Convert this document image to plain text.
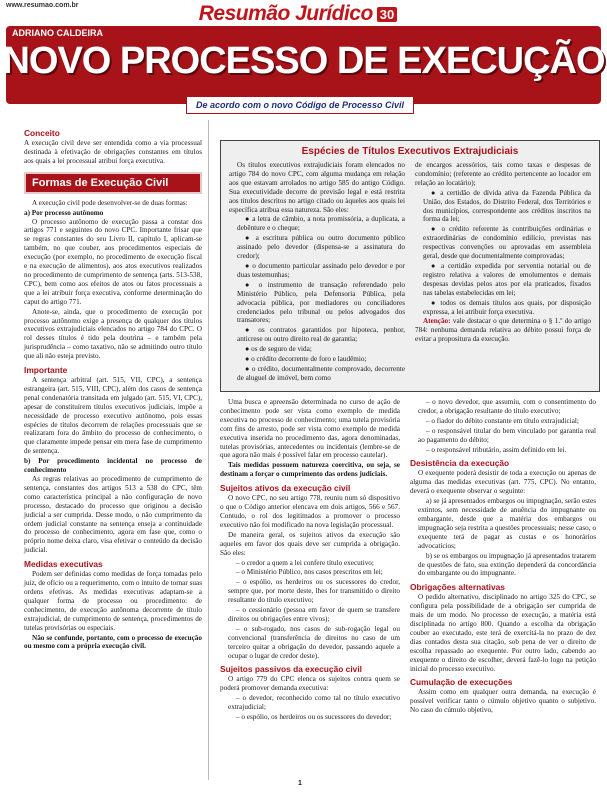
www.resumao.com.br	Resumão Jurídico 30
ADRIANO CALDEIRA
NOVO PROCESSO DE EXECUÇÃO
De acordo com o novo Código de Processo Civil
Conceito

A execução civil deve ser entendida como a via processual destinada à efetivação de obrigações constantes em títulos aos quais a lei processual atribui força executiva.

Formas de Execução Civil

A execução civil pode desenvolver-se de duas formas:

a) Por processo autônomo

O processo autônomo de execução passa a constar dos artigos 771 e seguintes do novo CPC. Importante frisar que se regras constantes do seu Livro II, capítulo I, aplicam-se também, no que couber, aos procedimentos especiais de execução (por exemplo, no procedimento de execução fiscal e na execução de alimentos), aos atos executivos realizados no procedimento de cumprimento de sentença (arts. 513-538, CPC), bem como aos efeitos de atos ou fatos processuais a que a lei atribuir força executiva, conforme determinação do caput do artigo 771.

Anote-se, ainda, que o procedimento de execução por processo autônomo exige a presença de qualquer dos títulos executivos extrajudiciais elencados no artigo 784 do CPC. O rol desses títulos é tido pela doutrina – e também pela jurisprudência – como taxativo, não se admitindo outro título que ali não esteja previsto.

Importante

A sentença arbitral (art. 515, VII, CPC), a sentença estrangeira (art. 515, VIII, CPC), além dos casos de sentença penal condenatória transitada em julgado (art. 515, VI, CPC), apesar de constituírem títulos executivos judiciais, impõe a necessidade de processo executivo autônomo, pois essas espécies de títulos decorrem de relações processuais que se realizaram fora do âmbito do processo de conhecimento, o que claramente impede pensar em mera fase de cumprimento de sentença.

b) Por procedimento incidental no processo de conhecimento

As regras relativas ao procedimento de cumprimento de sentença, constantes dos artigos 513 a 538 do CPC, têm como característica principal a não configuração de novo processo, destacado do processo que originou a decisão judicial a ser cumprida. Desse modo, o não cumprimento da ordem judicial constante na sentença enseja a continuidade do processo de conhecimento, agora em fase que, como o próprio nome deixa claro, visa efetivar o conteúdo da decisão judicial.

Medidas executivas

Podem ser definidas como medidas de força tomadas pelo juiz, de ofício ou a requerimento, com o intuito de tornar suas ordens efetivas. As medidas executivas adaptam-se a qualquer forma de processo ou procedimento: de conhecimento, de execução autônoma decorrente de título extrajudicial, de cumprimento de sentença, procedimentos de tutelas provisórias ou especiais.

Não se confunde, portanto, com o processo de execução ou mesmo com a própria execução civil.

Espécies de Títulos Executivos Extrajudiciais

Os títulos executivos extrajudiciais foram elencados no artigo 784 do novo CPC, com alguma mudança em relação aos que estavam arrolados no artigo 585 do antigo Código. Sua executividade decorre de previsão legal e está restrita aos títulos descritos no artigo citado ou àqueles aos quais lei específica atribua essa natureza. São eles:

● a letra de câmbio, a nota promissória, a duplicata, a debênture e o cheque;

● a escritura pública ou outro documento público assinado pelo devedor (dispensa-se a assinatura do credor);

● o documento particular assinado pelo devedor e por duas testemunhas;

● o instrumento de transação referendado pelo Ministério Público, pela Defensoria Pública, pela advocacia pública, por mediadores ou conciliadores credenciados pelo tribunal ou pelos advogados dos transatores;

● os contratos garantidos por hipoteca, penhor, anticrese ou outro direito real de garantia;

● os de seguro de vida;

● o crédito decorrente de foro e laudêmio;

● o crédito, documentalmente comprovado, decorrente de aluguel de imóvel, bem como

de encargos acessórios, tais como taxas e despesas de condomínio; (referente ao crédito pertencente ao locador em relação ao locatário);

● a certidão de dívida ativa da Fazenda Pública da União, dos Estados, do Distrito Federal, dos Territórios e dos municípios, correspondente aos créditos inscritos na forma da lei;

● o crédito referente às contribuições ordinárias e extraordinárias de condomínio edilício, previstas nas respectivas convenções ou aprovadas em assembleia geral, desde que documentalmente comprovadas;

● a certidão expedida por serventia notarial ou de registro relativa a valores de emolumentos e demais despesas devidas pelos atos por ela praticados, fixados nas tabelas estabelecidas em lei;

● todos os demais títulos aos quais, por disposição expressa, a lei atribuir força executiva.

Atenção: vale destacar o que determina o § 1.º do artigo 784: nenhuma demanda relativa ao débito possui força de evitar a propositura da execução.

Uma busca e apreensão determinada no curso de ação de conhecimento pode ser vista como exemplo de medida executiva no processo de conhecimento; uma tutela provisória com fins de arresto, pode ser vista como exemplo de medida executiva inserida no procedimento das, agora denominadas, tutelas provisórias, antecedentes ou incidentais (lembre-se de que agora não mais é possível falar em processo cautelar).

Tais medidas possuem natureza coercitiva, ou seja, se destinam a forçar o cumprimento das ordens judiciais.

Sujeitos ativos da execução civil

O novo CPC, no seu artigo 778, reuniu num só dispositivo o que o Código anterior elencava em dois artigos, 566 e 567. Contudo, o rol dos legitimados a promover o processo executivo não foi modificado na nova legislação processual.

De maneira geral, os sujeitos ativos da execução são aqueles em favor dos quais deve ser cumprida a obrigação. São eles:

– o credor a quem a lei confere título executivo;

– o Ministério Público, nos casos prescritos em lei;

– o espólio, os herdeiros ou os sucessores do credor, sempre que, por morte deste, lhes for transmitido o direito resultante do título executivo;

– o cessionário (pessoa em favor de quem se transfere direitos ou obrigações entre vivos);

– o sub-rogado, nos casos de sub-rogação legal ou convencional (transferência de direitos no caso de um terceiro quitar a obrigação do devedor, passando aquele a ocupar o lugar de credor deste).

Sujeitos passivos da execução civil

O artigo 779 do CPC elenca os sujeitos contra quem se poderá promover demanda executiva:

– o devedor, reconhecido como tal no título executivo extrajudicial;

– o espólio, os herdeiros ou os sucessores do devedor;

– o novo devedor, que assumiu, com o consentimento do credor, a obrigação resultante do título executivo;

– o fiador do débito constante em título extrajudicial;

– o responsável titular do bem vinculado por garantia real ao pagamento do débito;

– o responsável tributário, assim definido em lei.

Desistência da execução

O exequente poderá desistir de toda a execução ou apenas de alguma das medidas executivas (art. 775, CPC). No entanto, deverá o exequente observar o seguinte:

a) se já apresentados embargos ou impugnação, serão estes extintos, sem necessidade de anuência do impugnante ou embargante, desde que a matéria dos embargos ou impugnação seja restrita a questões processuais; nesse caso, o exequente terá de pagar as custas e os honorários advocatícios;

b) se os embargos ou impugnação já apresentados tratarem de questões de fato, sua extinção dependerá da concordância do embargante ou do impugnante.

Obrigações alternativas

O pedido alternativo, disciplinado no artigo 325 do CPC, se configura pela possibilidade de a obrigação ser cumprida de mais de um modo. No processo de execução, a matéria está disciplinada no artigo 800. Quando a escolha da obrigação couber ao executado, este terá de exercitá-la no prazo de dez dias contados desta sua citação, sob pena de ver o direito de escolha repassado ao exequente. Por outro lado, cabendo ao exequente o direito de escolher, deverá fazê-lo logo na petição inicial do processo executivo.

Cumulação de execuções

Assim como em qualquer outra demanda, na execução é possível verificar tanto o cúmulo objetivo quanto o subjetivo. No caso do cúmulo objetivo,

1
